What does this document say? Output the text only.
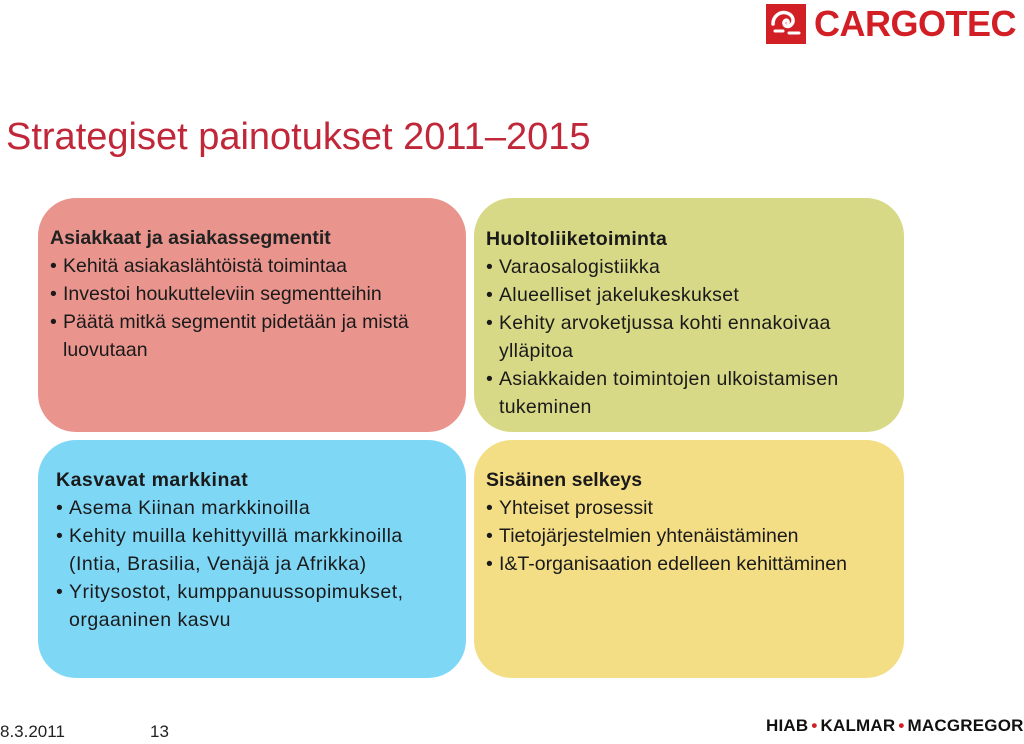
CARGOTEC
Strategiset painotukset 2011–2015
Asiakkaat ja asiakassegmentit
• Kehitä asiakaslähtöistä toimintaa
• Investoi houkutteleviin segmentteihin
• Päätä mitkä segmentit pidetään ja mistä luovutaan
Huoltoliiketoiminta
• Varaosalogistiikka
• Alueelliset jakelukeskukset
• Kehity arvoketjussa kohti ennakoivaa ylläpitoa
• Asiakkaiden toimintojen ulkoistamisen tukeminen
Kasvavat markkinat
• Asema Kiinan markkinoilla
• Kehity muilla kehittyvillä markkinoilla (Intia, Brasilia, Venäjä ja Afrikka)
• Yritysostot, kumppanuussopimukset, orgaaninen kasvu
Sisäinen selkeys
• Yhteiset prosessit
• Tietojärjestelmien yhtenäistäminen
• I&T-organisaation edelleen kehittäminen
8.3.2011	13	HIAB • KALMAR • MACGREGOR
